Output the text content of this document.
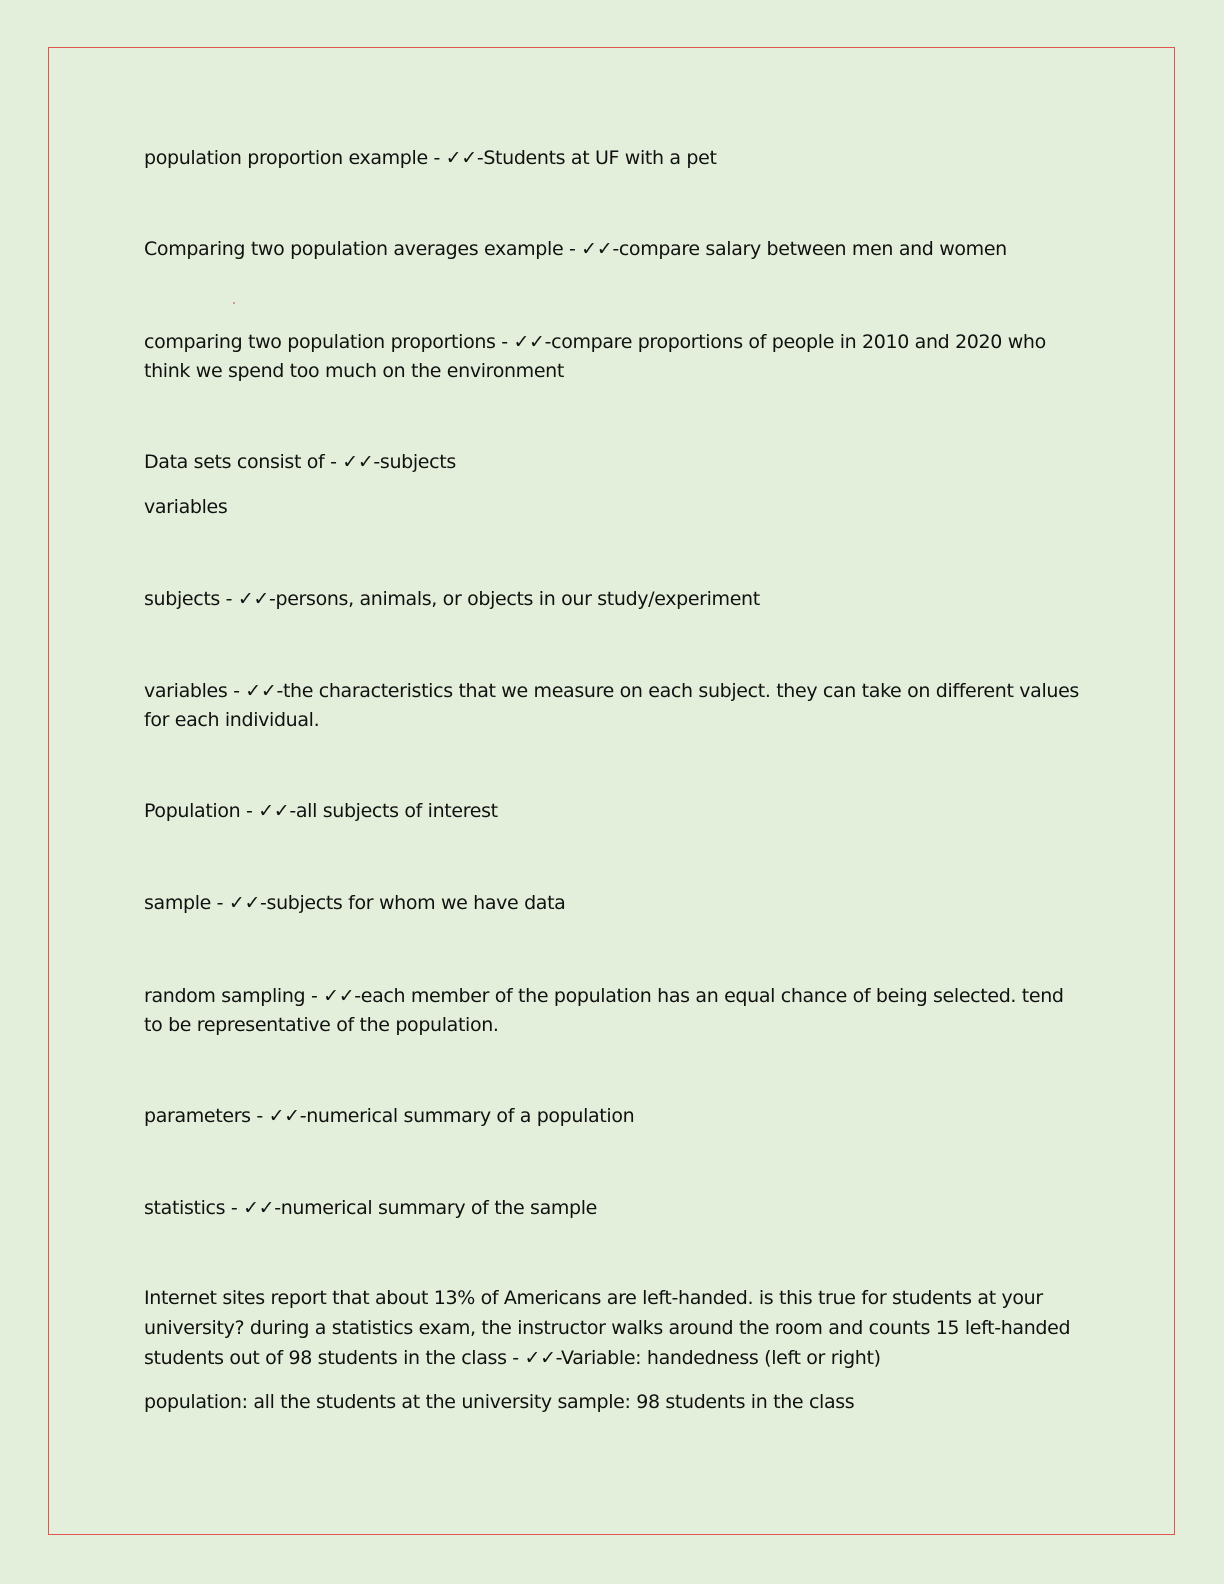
population proportion example - ✓✓-Students at UF with a pet

Comparing two population averages example - ✓✓-compare salary between men and women

comparing two population proportions - ✓✓-compare proportions of people in 2010 and 2020 who think we spend too much on the environment

Data sets consist of - ✓✓-subjects

variables

subjects - ✓✓-persons, animals, or objects in our study/experiment

variables - ✓✓-the characteristics that we measure on each subject. they can take on different values for each individual.

Population - ✓✓-all subjects of interest

sample - ✓✓-subjects for whom we have data

random sampling - ✓✓-each member of the population has an equal chance of being selected. tend to be representative of the population.

parameters - ✓✓-numerical summary of a population

statistics - ✓✓-numerical summary of the sample

Internet sites report that about 13% of Americans are left-handed. is this true for students at your university? during a statistics exam, the instructor walks around the room and counts 15 left-handed students out of 98 students in the class - ✓✓-Variable: handedness (left or right)

population: all the students at the university sample: 98 students in the class
